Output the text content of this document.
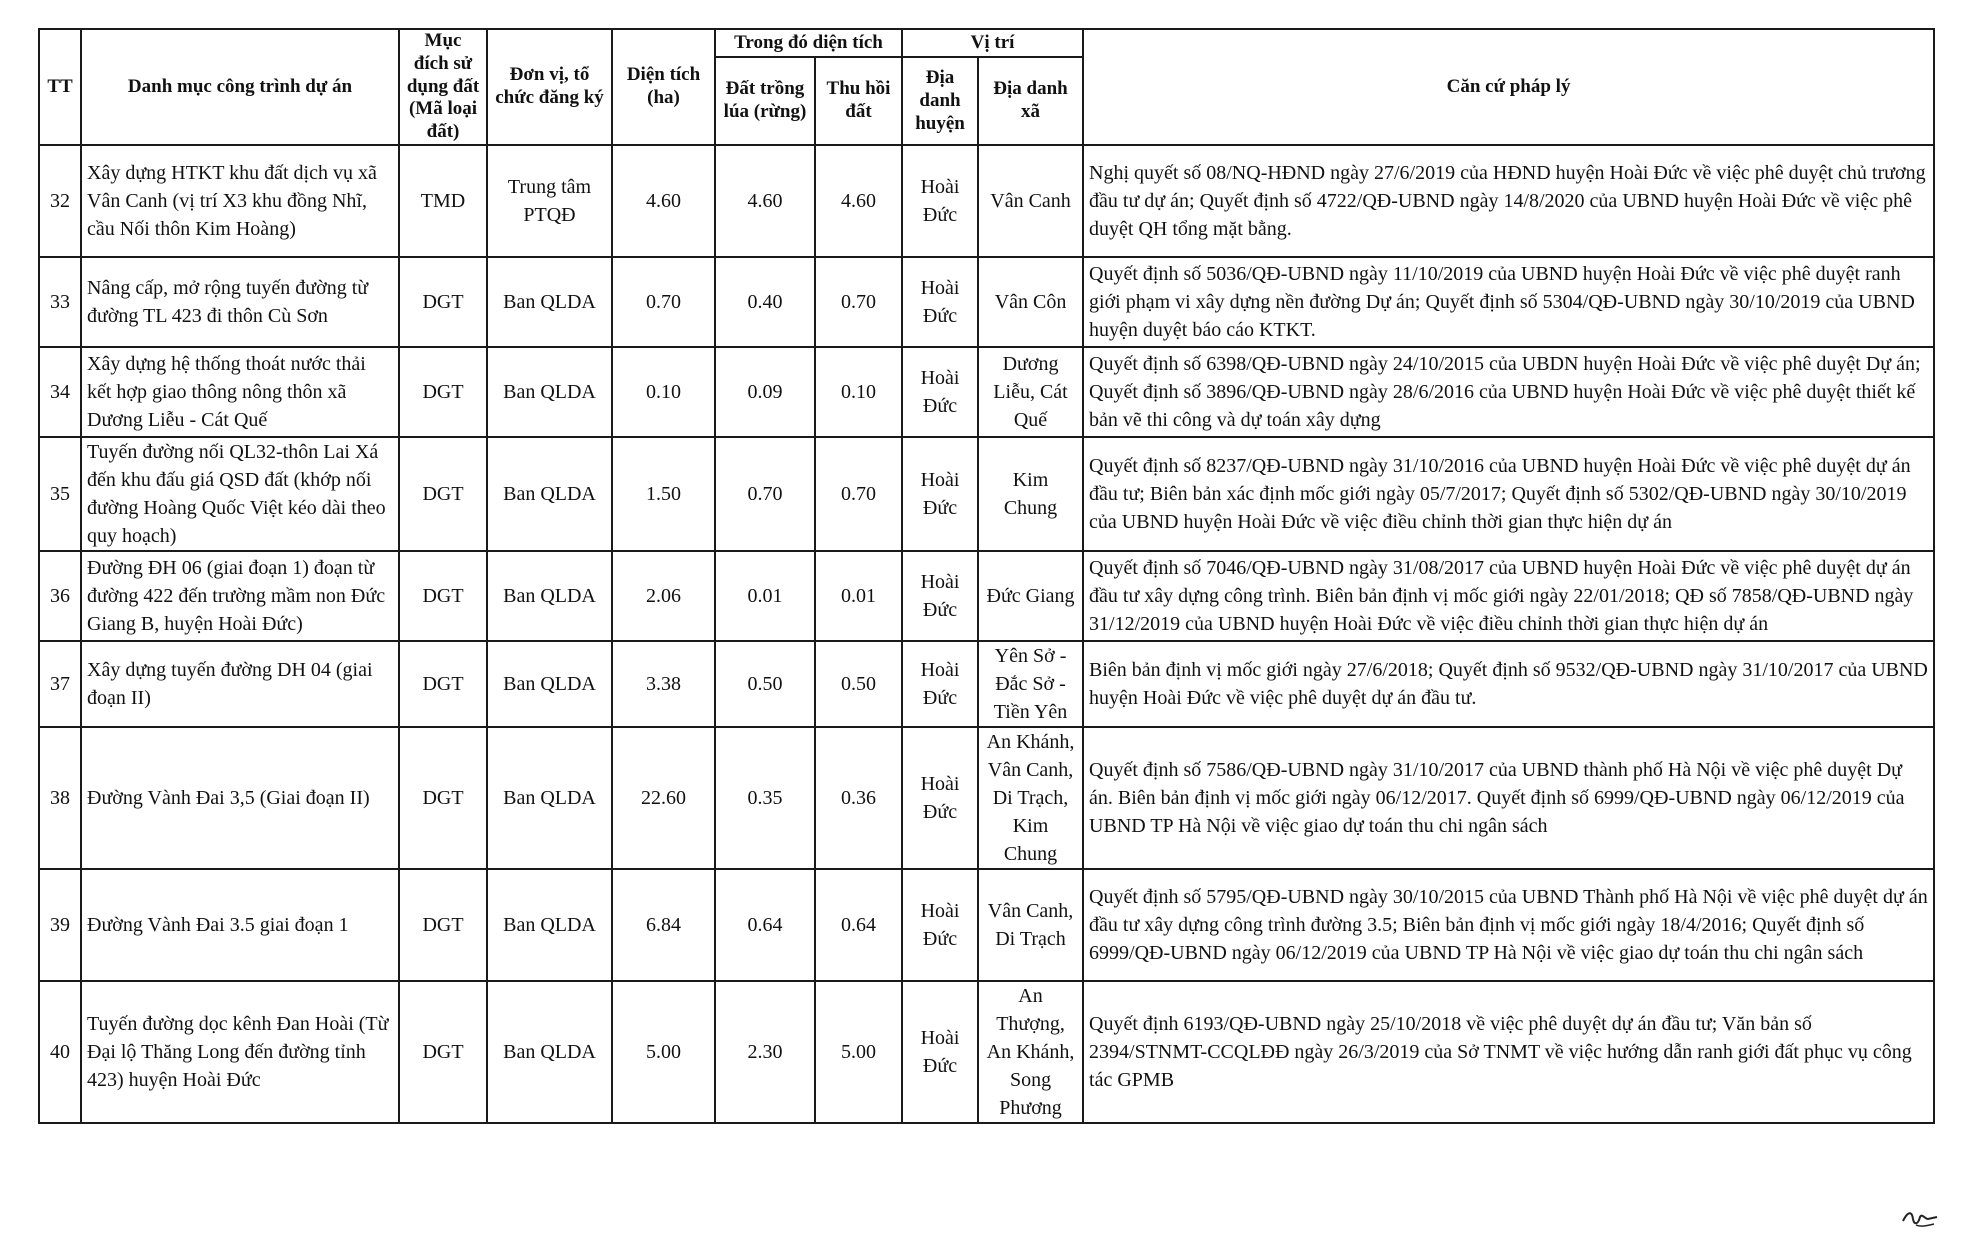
TT	Danh mục công trình dự án	Mục đích sử dụng đất (Mã loại đất)	Đơn vị, tổ chức đăng ký	Diện tích (ha)	Trong đó diện tích		Vị trí		Căn cứ pháp lý
					Đất trồng lúa (rừng)	Thu hồi đất	Địa danh huyện	Địa danh xã	
32	Xây dựng HTKT khu đất dịch vụ xã Vân Canh (vị trí X3 khu đồng Nhĩ, cầu Nối thôn Kim Hoàng)	TMD	Trung tâm PTQĐ	4.60	4.60	4.60	Hoài Đức	Vân Canh	Nghị quyết số 08/NQ-HĐND ngày 27/6/2019 của HĐND huyện Hoài Đức về việc phê duyệt chủ trương đầu tư dự án; Quyết định số 4722/QĐ-UBND ngày 14/8/2020 của UBND huyện Hoài Đức về việc phê duyệt QH tổng mặt bằng.
33	Nâng cấp, mở rộng tuyến đường từ đường TL 423 đi thôn Cù Sơn	DGT	Ban QLDA	0.70	0.40	0.70	Hoài Đức	Vân Côn	Quyết định số 5036/QĐ-UBND ngày 11/10/2019 của UBND huyện Hoài Đức về việc phê duyệt ranh giới phạm vi xây dựng nền đường Dự án; Quyết định số 5304/QĐ-UBND ngày 30/10/2019 của UBND huyện duyệt báo cáo KTKT.
34	Xây dựng hệ thống thoát nước thải kết hợp giao thông nông thôn xã Dương Liễu - Cát Quế	DGT	Ban QLDA	0.10	0.09	0.10	Hoài Đức	Dương Liễu, Cát Quế	Quyết định số 6398/QĐ-UBND ngày 24/10/2015 của UBDN huyện Hoài Đức về việc phê duyệt Dự án; Quyết định số 3896/QĐ-UBND ngày 28/6/2016 của UBND huyện Hoài Đức về việc phê duyệt thiết kế bản vẽ thi công và dự toán xây dựng
35	Tuyến đường nối QL32-thôn Lai Xá đến khu đấu giá QSD đất (khớp nối đường Hoàng Quốc Việt kéo dài theo quy hoạch)	DGT	Ban QLDA	1.50	0.70	0.70	Hoài Đức	Kim Chung	Quyết định số 8237/QĐ-UBND ngày 31/10/2016 của UBND huyện Hoài Đức về việc phê duyệt dự án đầu tư; Biên bản xác định mốc giới ngày 05/7/2017; Quyết định số 5302/QĐ-UBND ngày 30/10/2019 của UBND huyện Hoài Đức về việc điều chỉnh thời gian thực hiện dự án
36	Đường ĐH 06 (giai đoạn 1) đoạn từ đường 422 đến trường mầm non Đức Giang B, huyện Hoài Đức)	DGT	Ban QLDA	2.06	0.01	0.01	Hoài Đức	Đức Giang	Quyết định số 7046/QĐ-UBND ngày 31/08/2017 của UBND huyện Hoài Đức về việc phê duyệt dự án đầu tư xây dựng công trình. Biên bản định vị mốc giới ngày 22/01/2018; QĐ số 7858/QĐ-UBND ngày 31/12/2019 của UBND huyện Hoài Đức về việc điều chỉnh thời gian thực hiện dự án
37	Xây dựng tuyến đường DH 04 (giai đoạn II)	DGT	Ban QLDA	3.38	0.50	0.50	Hoài Đức	Yên Sở - Đắc Sở - Tiền Yên	Biên bản định vị mốc giới ngày 27/6/2018; Quyết định số 9532/QĐ-UBND ngày 31/10/2017 của UBND huyện Hoài Đức về việc phê duyệt dự án đầu tư.
38	Đường Vành Đai 3,5 (Giai đoạn II)	DGT	Ban QLDA	22.60	0.35	0.36	Hoài Đức	An Khánh, Vân Canh, Di Trạch, Kim Chung	Quyết định số 7586/QĐ-UBND ngày 31/10/2017 của UBND thành phố Hà Nội về việc phê duyệt Dự án. Biên bản định vị mốc giới ngày 06/12/2017. Quyết định số 6999/QĐ-UBND ngày 06/12/2019 của UBND TP Hà Nội về việc giao dự toán thu chi ngân sách
39	Đường Vành Đai 3.5 giai đoạn 1	DGT	Ban QLDA	6.84	0.64	0.64	Hoài Đức	Vân Canh, Di Trạch	Quyết định số 5795/QĐ-UBND ngày 30/10/2015 của UBND Thành phố Hà Nội về việc phê duyệt dự án đầu tư xây dựng công trình đường 3.5; Biên bản định vị mốc giới ngày 18/4/2016; Quyết định số 6999/QĐ-UBND ngày 06/12/2019 của UBND TP Hà Nội về việc giao dự toán thu chi ngân sách
40	Tuyến đường dọc kênh Đan Hoài (Từ Đại lộ Thăng Long đến đường tỉnh 423) huyện Hoài Đức	DGT	Ban QLDA	5.00	2.30	5.00	Hoài Đức	An Thượng, An Khánh, Song Phương	Quyết định 6193/QĐ-UBND ngày 25/10/2018 về việc phê duyệt dự án đầu tư; Văn bản số 2394/STNMT-CCQLĐĐ ngày 26/3/2019 của Sở TNMT về việc hướng dẫn ranh giới đất phục vụ công tác GPMB
